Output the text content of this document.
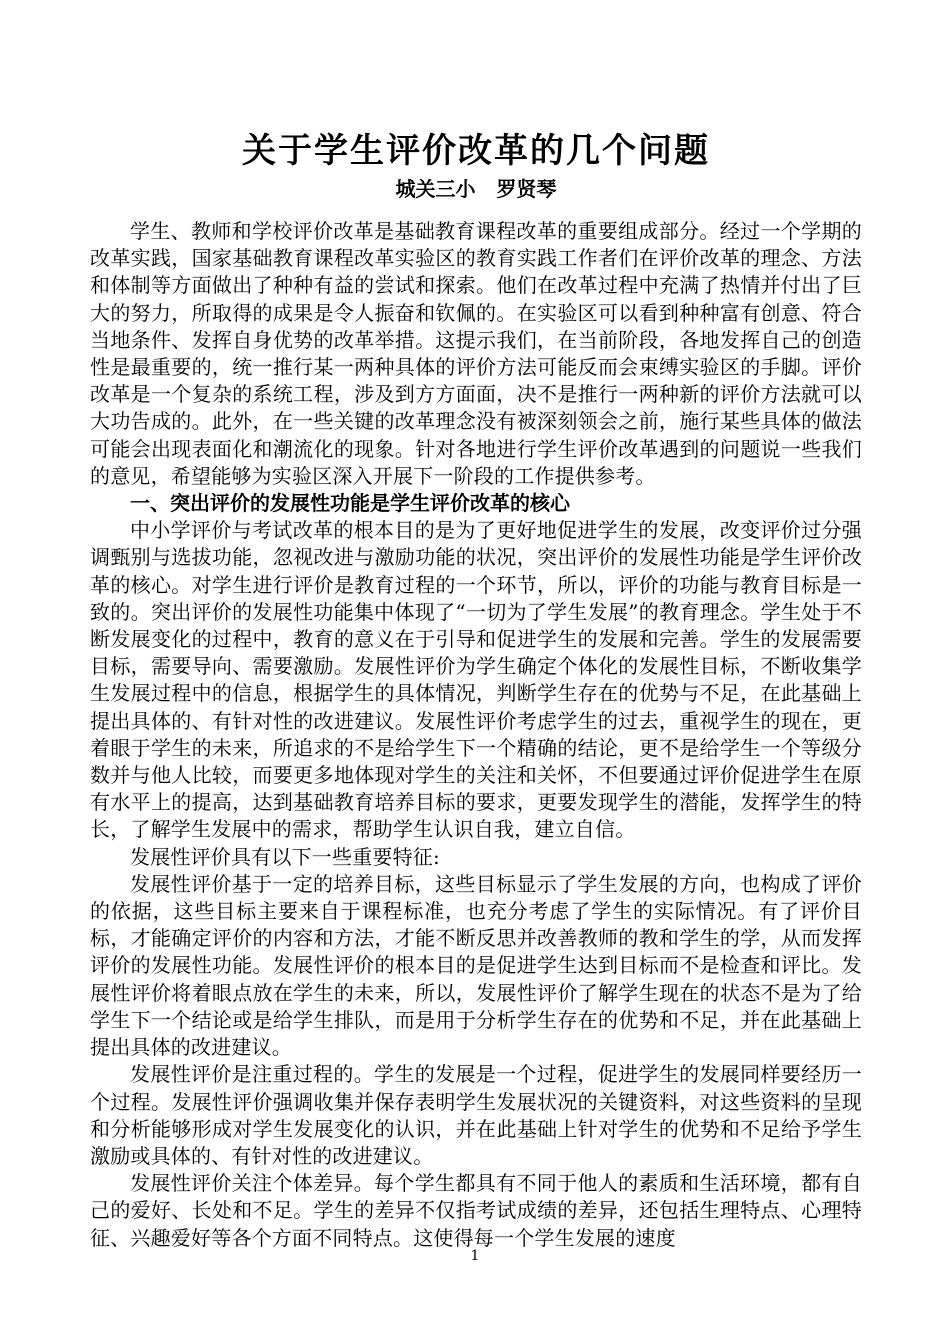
关于学生评价改革的几个问题

城关三小   罗贤琴

学生、教师和学校评价改革是基础教育课程改革的重要组成部分。经过一个学期的改革实践，国家基础教育课程改革实验区的教育实践工作者们在评价改革的理念、方法和体制等方面做出了种种有益的尝试和探索。他们在改革过程中充满了热情并付出了巨大的努力，所取得的成果是令人振奋和钦佩的。在实验区可以看到种种富有创意、符合当地条件、发挥自身优势的改革举措。这提示我们，在当前阶段，各地发挥自己的创造性是最重要的，统一推行某一两种具体的评价方法可能反而会束缚实验区的手脚。评价改革是一个复杂的系统工程，涉及到方方面面，决不是推行一两种新的评价方法就可以大功告成的。此外，在一些关键的改革理念没有被深刻领会之前，施行某些具体的做法可能会出现表面化和潮流化的现象。针对各地进行学生评价改革遇到的问题说一些我们的意见，希望能够为实验区深入开展下一阶段的工作提供参考。

一、突出评价的发展性功能是学生评价改革的核心

中小学评价与考试改革的根本目的是为了更好地促进学生的发展，改变评价过分强调甄别与选拔功能，忽视改进与激励功能的状况，突出评价的发展性功能是学生评价改革的核心。对学生进行评价是教育过程的一个环节，所以，评价的功能与教育目标是一致的。突出评价的发展性功能集中体现了“一切为了学生发展”的教育理念。学生处于不断发展变化的过程中，教育的意义在于引导和促进学生的发展和完善。学生的发展需要目标，需要导向、需要激励。发展性评价为学生确定个体化的发展性目标，不断收集学生发展过程中的信息，根据学生的具体情况，判断学生存在的优势与不足，在此基础上提出具体的、有针对性的改进建议。发展性评价考虑学生的过去，重视学生的现在，更着眼于学生的未来，所追求的不是给学生下一个精确的结论，更不是给学生一个等级分数并与他人比较，而要更多地体现对学生的关注和关怀，不但要通过评价促进学生在原有水平上的提高，达到基础教育培养目标的要求，更要发现学生的潜能，发挥学生的特长，了解学生发展中的需求，帮助学生认识自我，建立自信。

发展性评价具有以下一些重要特征:

发展性评价基于一定的培养目标，这些目标显示了学生发展的方向，也构成了评价的依据，这些目标主要来自于课程标准，也充分考虑了学生的实际情况。有了评价目标，才能确定评价的内容和方法，才能不断反思并改善教师的教和学生的学，从而发挥评价的发展性功能。发展性评价的根本目的是促进学生达到目标而不是检查和评比。发展性评价将着眼点放在学生的未来，所以，发展性评价了解学生现在的状态不是为了给学生下一个结论或是给学生排队，而是用于分析学生存在的优势和不足，并在此基础上提出具体的改进建议。

发展性评价是注重过程的。学生的发展是一个过程，促进学生的发展同样要经历一个过程。发展性评价强调收集并保存表明学生发展状况的关键资料，对这些资料的呈现和分析能够形成对学生发展变化的认识，并在此基础上针对学生的优势和不足给予学生激励或具体的、有针对性的改进建议。

发展性评价关注个体差异。每个学生都具有不同于他人的素质和生活环境，都有自己的爱好、长处和不足。学生的差异不仅指考试成绩的差异，还包括生理特点、心理特征、兴趣爱好等各个方面不同特点。这使得每一个学生发展的速度

1
